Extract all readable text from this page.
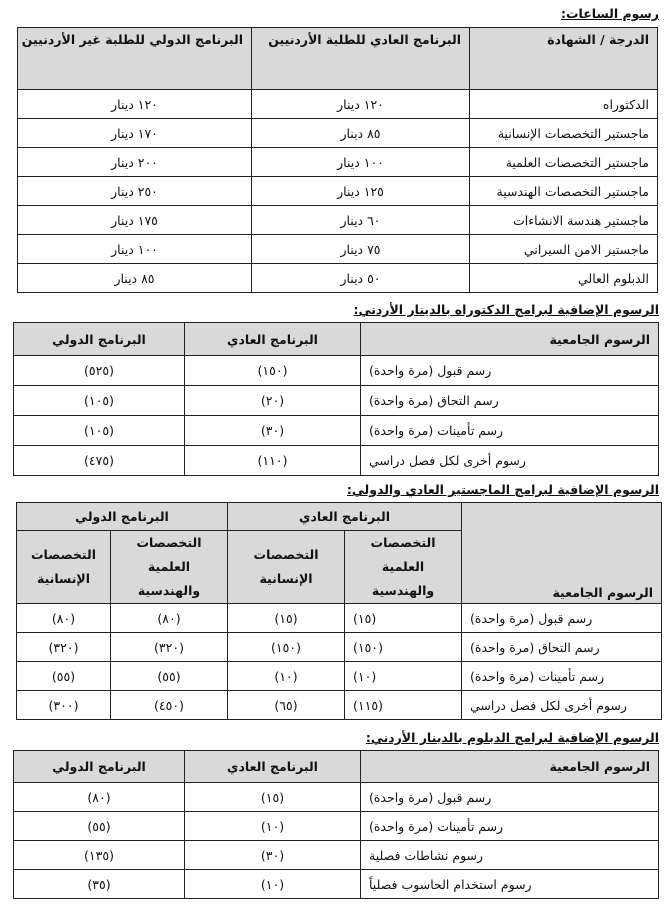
رسوم الساعات:
الدرجة / الشهادة	البرنامج العادي للطلبة الأردنيين	البرنامج الدولي للطلبة غير الأردنيين
الدكتوراه	١٢٠ دينار	١٢٠ دينار
ماجستير التخصصات الإنسانية	٨٥ دينار	١٧٠ دينار
ماجستير التخصصات العلمية	١٠٠ دينار	٢٠٠ دينار
ماجستير التخصصات الهندسية	١٢٥ دينار	٢٥٠ دينار
ماجستير هندسة الانشاءات	٦٠ دينار	١٧٥ دينار
ماجستير الامن السيراني	٧٥ دينار	١٠٠ دينار
الدبلوم العالي	٥٠ دينار	٨٥ دينار
الرسوم الإضافية لبرامج الدكتوراه بالدينار الأردني:
الرسوم الجامعية	البرنامج العادي	البرنامج الدولي
رسم قبول (مرة واحدة)	(١٥٠)	(٥٢٥)
رسم التحاق (مرة واحدة)	(٢٠)	(١٠٥)
رسم تأمينات (مرة واحدة)	(٣٠)	(١٠٥)
رسوم أخرى لكل فصل دراسي	(١١٠)	(٤٧٥)
الرسوم الإضافية لبرامج الماجستير العادي والدولي:
الرسوم الجامعية	البرنامج العادي		البرنامج الدولي	
	التخصصات العلمية والهندسية	التخصصات الإنسانية	التخصصات العلمية والهندسية	التخصصات الإنسانية
رسم قبول (مرة واحدة)	(١٥)	(١٥)	(٨٠)	(٨٠)
رسم التحاق (مرة واحدة)	(١٥٠)	(١٥٠)	(٣٢٠)	(٣٢٠)
رسم تأمينات (مرة واحدة)	(١٠)	(١٠)	(٥٥)	(٥٥)
رسوم أخرى لكل فصل دراسي	(١١٥)	(٦٥)	(٤٥٠)	(٣٠٠)
الرسوم الإضافية لبرامج الدبلوم بالدينار الأردني:
الرسوم الجامعية	البرنامج العادي	البرنامج الدولي
رسم قبول (مرة واحدة)	(١٥)	(٨٠)
رسم تأمينات (مرة واحدة)	(١٠)	(٥٥)
رسوم نشاطات فصلية	(٣٠)	(١٣٥)
رسوم استخدام الحاسوب فصلياً	(١٠)	(٣٥)
